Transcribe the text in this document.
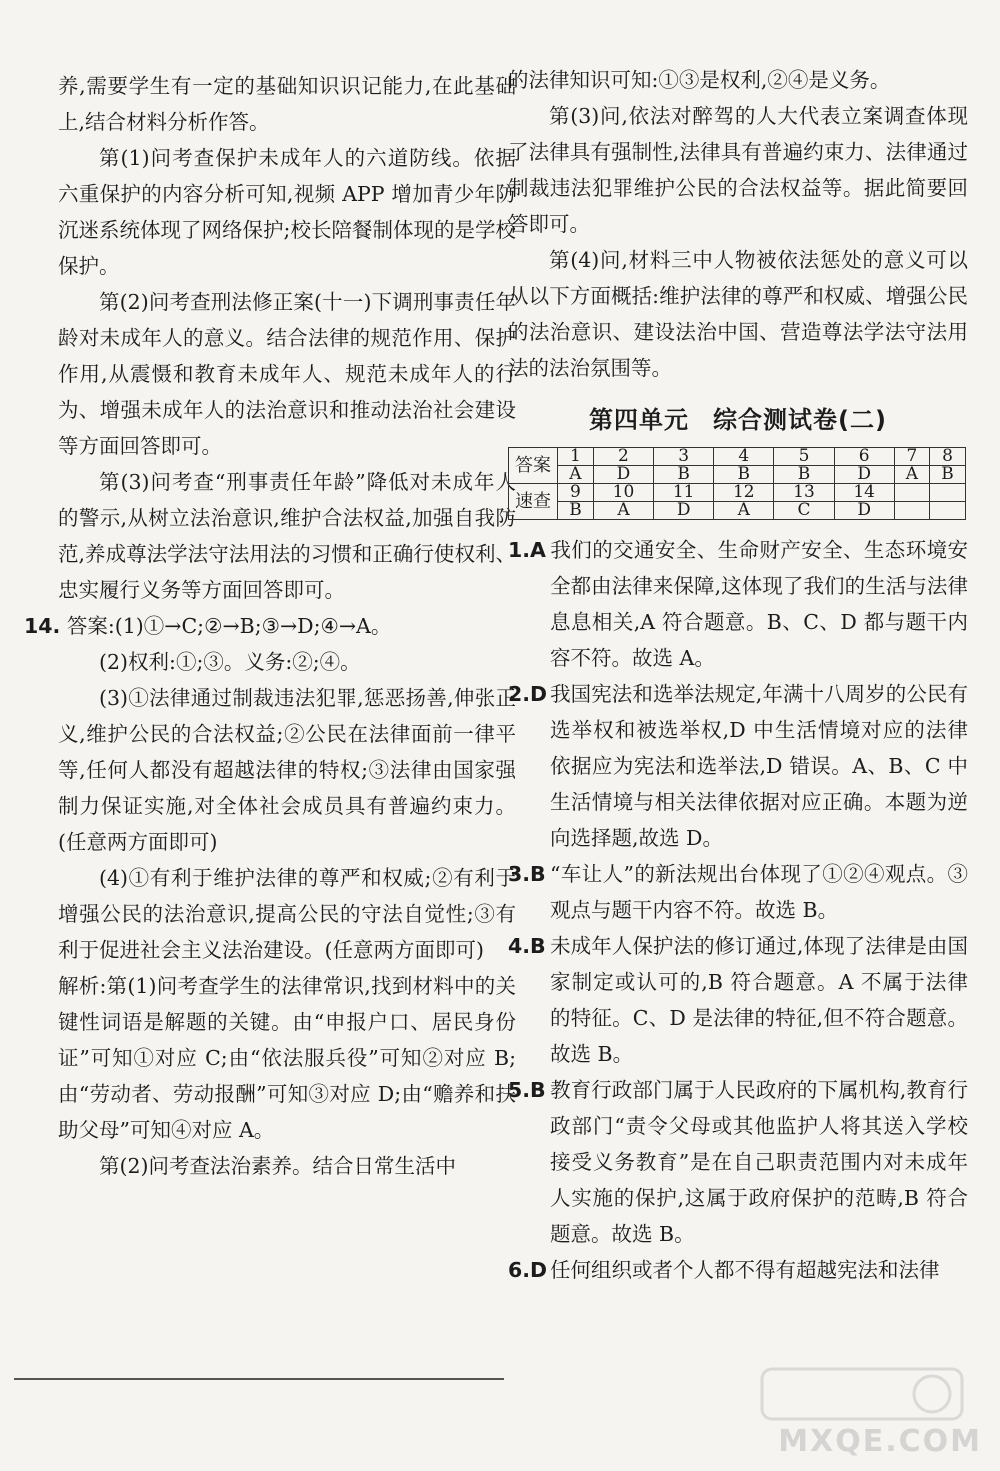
养,需要学生有一定的基础知识识记能力,在此基础上,结合材料分析作答。

第(1)问考查保护未成年人的六道防线。依据六重保护的内容分析可知,视频 APP 增加青少年防沉迷系统体现了网络保护;校长陪餐制体现的是学校保护。

第(2)问考查刑法修正案(十一)下调刑事责任年龄对未成年人的意义。结合法律的规范作用、保护作用,从震慑和教育未成年人、规范未成年人的行为、增强未成年人的法治意识和推动法治社会建设等方面回答即可。

第(3)问考查“刑事责任年龄”降低对未成年人的警示,从树立法治意识,维护合法权益,加强自我防范,养成尊法学法守法用法的习惯和正确行使权利、忠实履行义务等方面回答即可。

14. 答案:(1)①→C;②→B;③→D;④→A。

(2)权利:①;③。义务:②;④。

(3)①法律通过制裁违法犯罪,惩恶扬善,伸张正义,维护公民的合法权益;②公民在法律面前一律平等,任何人都没有超越法律的特权;③法律由国家强制力保证实施,对全体社会成员具有普遍约束力。(任意两方面即可)

(4)①有利于维护法律的尊严和权威;②有利于增强公民的法治意识,提高公民的守法自觉性;③有利于促进社会主义法治建设。(任意两方面即可)

解析:第(1)问考查学生的法律常识,找到材料中的关键性词语是解题的关键。由“申报户口、居民身份证”可知①对应 C;由“依法服兵役”可知②对应 B;由“劳动者、劳动报酬”可知③对应 D;由“赡养和扶助父母”可知④对应 A。

第(2)问考查法治素养。结合日常生活中

的法律知识可知:①③是权利,②④是义务。

第(3)问,依法对醉驾的人大代表立案调查体现了法律具有强制性,法律具有普遍约束力、法律通过制裁违法犯罪维护公民的合法权益等。据此简要回答即可。

第(4)问,材料三中人物被依法惩处的意义可以从以下方面概括:维护法律的尊严和权威、增强公民的法治意识、建设法治中国、营造尊法学法守法用法的法治氛围等。

第四单元 综合测试卷(二)
答案	1	2	3	4	5	6	7	8
	A	D	B	B	B	D	A	B
速查	9	10	11	12	13	14		
	B	A	D	A	C	D		

1.A 我们的交通安全、生命财产安全、生态环境安全都由法律来保障,这体现了我们的生活与法律息息相关,A 符合题意。B、C、D 都与题干内容不符。故选 A。

2.D 我国宪法和选举法规定,年满十八周岁的公民有选举权和被选举权,D 中生活情境对应的法律依据应为宪法和选举法,D 错误。A、B、C 中生活情境与相关法律依据对应正确。本题为逆向选择题,故选 D。

3.B “车让人”的新法规出台体现了①②④观点。③观点与题干内容不符。故选 B。

4.B 未成年人保护法的修订通过,体现了法律是由国家制定或认可的,B 符合题意。A 不属于法律的特征。C、D 是法律的特征,但不符合题意。故选 B。

5.B 教育行政部门属于人民政府的下属机构,教育行政部门“责令父母或其他监护人将其送入学校接受义务教育”是在自己职责范围内对未成年人实施的保护,这属于政府保护的范畴,B 符合题意。故选 B。

6.D 任何组织或者个人都不得有超越宪法和法律

MXQE.COM
